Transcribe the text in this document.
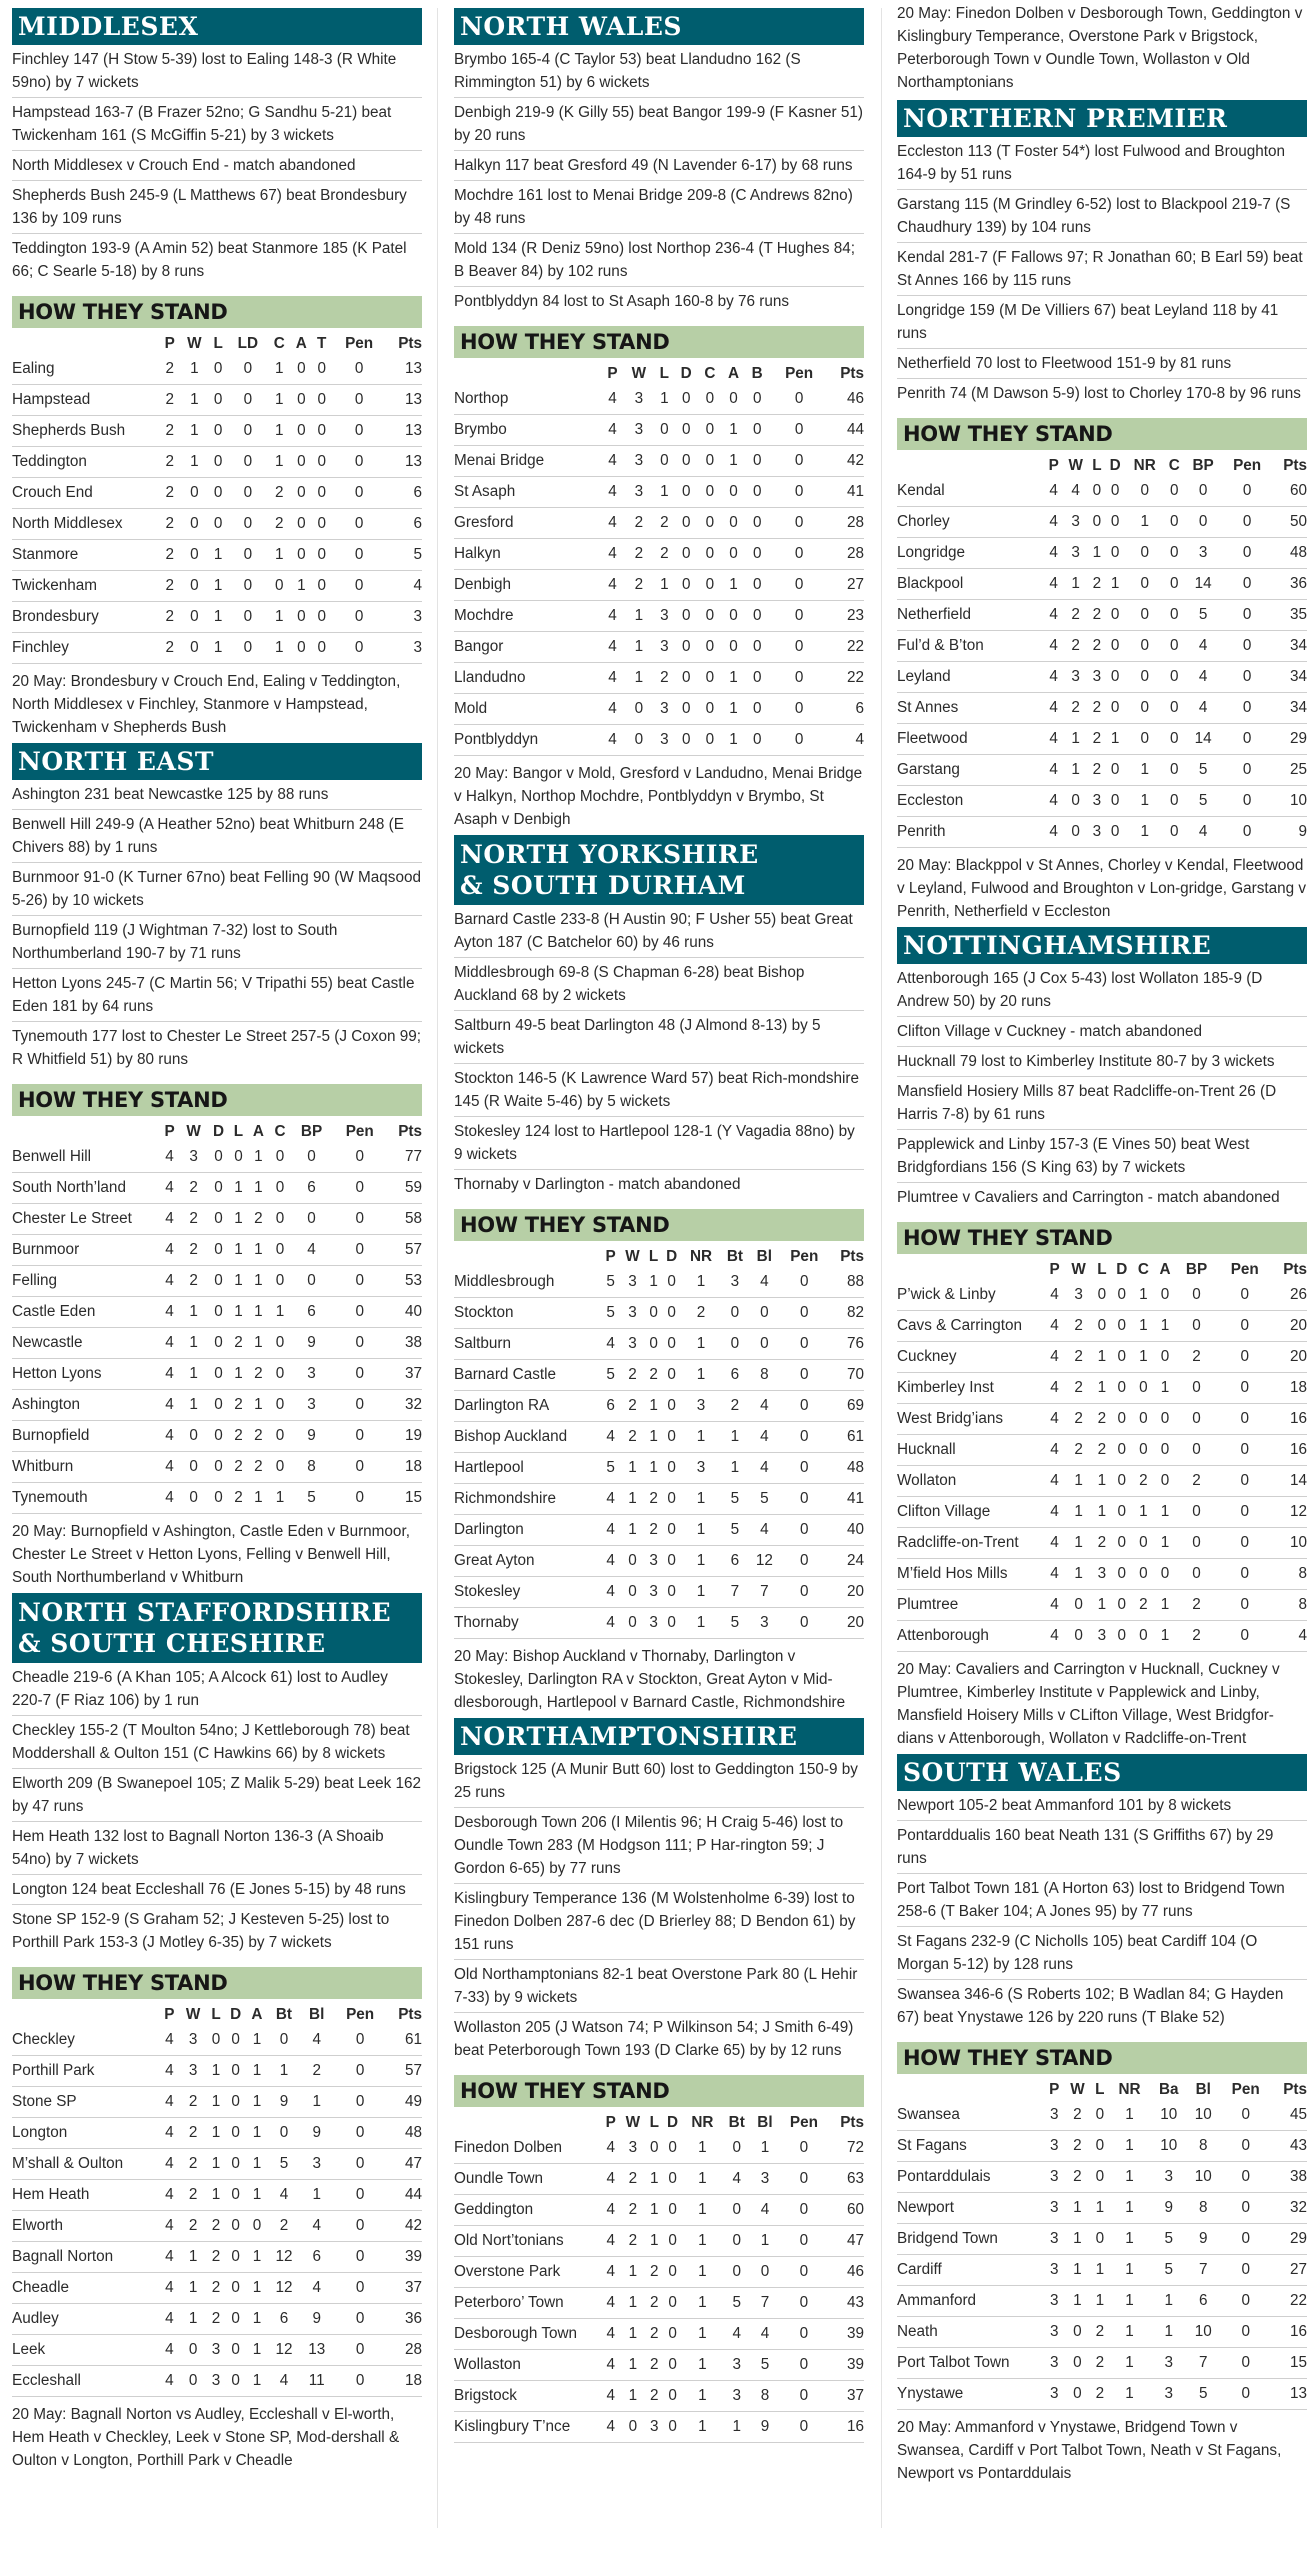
MIDDLESEX
Finchley 147 (H Stow 5-39) lost to Ealing 148-3 (R White 59no) by 7 wickets
Hampstead 163-7 (B Frazer 52no; G Sandhu 5-21) beat Twickenham 161 (S McGiffin 5-21) by 3 wickets
North Middlesex v Crouch End - match abandoned
Shepherds Bush 245-9 (L Matthews 67) beat Brondesbury 136 by 109 runs
Teddington 193-9 (A Amin 52) beat Stanmore 185 (K Patel 66; C Searle 5-18) by 8 runs
HOW THEY STAND
	P	W	L	LD	C	A	T	Pen	Pts
Ealing	2	1	0	0	1	0	0	0	13
Hampstead	2	1	0	0	1	0	0	0	13
Shepherds Bush	2	1	0	0	1	0	0	0	13
Teddington	2	1	0	0	1	0	0	0	13
Crouch End	2	0	0	0	2	0	0	0	6
North Middlesex	2	0	0	0	2	0	0	0	6
Stanmore	2	0	1	0	1	0	0	0	5
Twickenham	2	0	1	0	0	1	0	0	4
Brondesbury	2	0	1	0	1	0	0	0	3
Finchley	2	0	1	0	1	0	0	0	3

20 May: Brondesbury v Crouch End, Ealing v Teddington, North Middlesex v Finchley, Stanmore v Hampstead, Twickenham v Shepherds Bush

NORTH EAST
Ashington 231 beat Newcastke 125 by 88 runs
Benwell Hill 249-9 (A Heather 52no) beat Whitburn 248 (E Chivers 88) by 1 runs
Burnmoor 91-0 (K Turner 67no) beat Felling 90 (W Maqsood 5-26) by 10 wickets
Burnopfield 119 (J Wightman 7-32) lost to South Northumberland 190-7 by 71 runs
Hetton Lyons 245-7 (C Martin 56; V Tripathi 55) beat Castle Eden 181 by 64 runs
Tynemouth 177 lost to Chester Le Street 257-5 (J Coxon 99; R Whitfield 51) by 80 runs
HOW THEY STAND
	P	W	D	L	A	C	BP	Pen	Pts
Benwell Hill	4	3	0	0	1	0	0	0	77
South North’land	4	2	0	1	1	0	6	0	59
Chester Le Street	4	2	0	1	2	0	0	0	58
Burnmoor	4	2	0	1	1	0	4	0	57
Felling	4	2	0	1	1	0	0	0	53
Castle Eden	4	1	0	1	1	1	6	0	40
Newcastle	4	1	0	2	1	0	9	0	38
Hetton Lyons	4	1	0	1	2	0	3	0	37
Ashington	4	1	0	2	1	0	3	0	32
Burnopfield	4	0	0	2	2	0	9	0	19
Whitburn	4	0	0	2	2	0	8	0	18
Tynemouth	4	0	0	2	1	1	5	0	15

20 May: Burnopfield v Ashington, Castle Eden v Burnmoor, Chester Le Street v Hetton Lyons, Felling v Benwell Hill, South Northumberland v Whitburn

NORTH STAFFORDSHIRE
& SOUTH CHESHIRE
Cheadle 219-6 (A Khan 105; A Alcock 61) lost to Audley 220-7 (F Riaz 106) by 1 run
Checkley 155-2 (T Moulton 54no; J Kettleborough 78) beat Moddershall & Oulton 151 (C Hawkins 66) by 8 wickets
Elworth 209 (B Swanepoel 105; Z Malik 5-29) beat Leek 162 by 47 runs
Hem Heath 132 lost to Bagnall Norton 136-3 (A Shoaib 54no) by 7 wickets
Longton 124 beat Eccleshall 76 (E Jones 5-15) by 48 runs
Stone SP 152-9 (S Graham 52; J Kesteven 5-25) lost to Porthill Park 153-3 (J Motley 6-35) by 7 wickets
HOW THEY STAND
	P	W	L	D	A	Bt	Bl	Pen	Pts
Checkley	4	3	0	0	1	0	4	0	61
Porthill Park	4	3	1	0	1	1	2	0	57
Stone SP	4	2	1	0	1	9	1	0	49
Longton	4	2	1	0	1	0	9	0	48
M’shall & Oulton	4	2	1	0	1	5	3	0	47
Hem Heath	4	2	1	0	1	4	1	0	44
Elworth	4	2	2	0	0	2	4	0	42
Bagnall Norton	4	1	2	0	1	12	6	0	39
Cheadle	4	1	2	0	1	12	4	0	37
Audley	4	1	2	0	1	6	9	0	36
Leek	4	0	3	0	1	12	13	0	28
Eccleshall	4	0	3	0	1	4	11	0	18

20 May: Bagnall Norton vs Audley, Eccleshall v El-worth, Hem Heath v Checkley, Leek v Stone SP, Mod-dershall & Oulton v Longton, Porthill Park v Cheadle

NORTH WALES
Brymbo 165-4 (C Taylor 53) beat Llandudno 162 (S Rimmington 51) by 6 wickets
Denbigh 219-9 (K Gilly 55) beat Bangor 199-9 (F Kasner 51) by 20 runs
Halkyn 117 beat Gresford 49 (N Lavender 6-17) by 68 runs
Mochdre 161 lost to Menai Bridge 209-8 (C Andrews 82no) by 48 runs
Mold 134 (R Deniz 59no) lost Northop 236-4 (T Hughes 84; B Beaver 84) by 102 runs
Pontblyddyn 84 lost to St Asaph 160-8 by 76 runs
HOW THEY STAND
	P	W	L	D	C	A	B	Pen	Pts
Northop	4	3	1	0	0	0	0	0	46
Brymbo	4	3	0	0	0	1	0	0	44
Menai Bridge	4	3	0	0	0	1	0	0	42
St Asaph	4	3	1	0	0	0	0	0	41
Gresford	4	2	2	0	0	0	0	0	28
Halkyn	4	2	2	0	0	0	0	0	28
Denbigh	4	2	1	0	0	1	0	0	27
Mochdre	4	1	3	0	0	0	0	0	23
Bangor	4	1	3	0	0	0	0	0	22
Llandudno	4	1	2	0	0	1	0	0	22
Mold	4	0	3	0	0	1	0	0	6
Pontblyddyn	4	0	3	0	0	1	0	0	4

20 May: Bangor v Mold, Gresford v Landudno, Menai Bridge v Halkyn, Northop Mochdre, Pontblyddyn v Brymbo, St Asaph v Denbigh

NORTH YORKSHIRE
& SOUTH DURHAM
Barnard Castle 233-8 (H Austin 90; F Usher 55) beat Great Ayton 187 (C Batchelor 60) by 46 runs
Middlesbrough 69-8 (S Chapman 6-28) beat Bishop Auckland 68 by 2 wickets
Saltburn 49-5 beat Darlington 48 (J Almond 8-13) by 5 wickets
Stockton 146-5 (K Lawrence Ward 57) beat Rich-mondshire 145 (R Waite 5-46) by 5 wickets
Stokesley 124 lost to Hartlepool 128-1 (Y Vagadia 88no) by 9 wickets
Thornaby v Darlington - match abandoned
HOW THEY STAND
	P	W	L	D	NR	Bt	Bl	Pen	Pts
Middlesbrough	5	3	1	0	1	3	4	0	88
Stockton	5	3	0	0	2	0	0	0	82
Saltburn	4	3	0	0	1	0	0	0	76
Barnard Castle	5	2	2	0	1	6	8	0	70
Darlington RA	6	2	1	0	3	2	4	0	69
Bishop Auckland	4	2	1	0	1	1	4	0	61
Hartlepool	5	1	1	0	3	1	4	0	48
Richmondshire	4	1	2	0	1	5	5	0	41
Darlington	4	1	2	0	1	5	4	0	40
Great Ayton	4	0	3	0	1	6	12	0	24
Stokesley	4	0	3	0	1	7	7	0	20
Thornaby	4	0	3	0	1	5	3	0	20

20 May: Bishop Auckland v Thornaby, Darlington v Stokesley, Darlington RA v Stockton, Great Ayton v Mid-dlesborough, Hartlepool v Barnard Castle, Richmondshire

NORTHAMPTONSHIRE
Brigstock 125 (A Munir Butt 60) lost to Geddington 150-9 by 25 runs
Desborough Town 206 (I Milentis 96; H Craig 5-46) lost to Oundle Town 283 (M Hodgson 111; P Har-rington 59; J Gordon 6-65) by 77 runs
Kislingbury Temperance 136 (M Wolstenholme 6-39) lost to Finedon Dolben 287-6 dec (D Brierley 88; D Bendon 61) by 151 runs
Old Northamptonians 82-1 beat Overstone Park 80 (L Hehir 7-33) by 9 wickets
Wollaston 205 (J Watson 74; P Wilkinson 54; J Smith 6-49) beat Peterborough Town 193 (D Clarke 65) by by 12 runs
HOW THEY STAND
	P	W	L	D	NR	Bt	Bl	Pen	Pts
Finedon Dolben	4	3	0	0	1	0	1	0	72
Oundle Town	4	2	1	0	1	4	3	0	63
Geddington	4	2	1	0	1	0	4	0	60
Old Nort’tonians	4	2	1	0	1	0	1	0	47
Overstone Park	4	1	2	0	1	0	0	0	46
Peterboro’ Town	4	1	2	0	1	5	7	0	43
Desborough Town	4	1	2	0	1	4	4	0	39
Wollaston	4	1	2	0	1	3	5	0	39
Brigstock	4	1	2	0	1	3	8	0	37
Kislingbury T’nce	4	0	3	0	1	1	9	0	16

20 May: Finedon Dolben v Desborough Town, Geddington v Kislingbury Temperance, Overstone Park v Brigstock, Peterborough Town v Oundle Town, Wollaston v Old Northamptonians

NORTHERN PREMIER
Eccleston 113 (T Foster 54*) lost Fulwood and Broughton 164-9 by 51 runs
Garstang 115 (M Grindley 6-52) lost to Blackpool 219-7 (S Chaudhury 139) by 104 runs
Kendal 281-7 (F Fallows 97; R Jonathan 60; B Earl 59) beat St Annes 166 by 115 runs
Longridge 159 (M De Villiers 67) beat Leyland 118 by 41 runs
Netherfield 70 lost to Fleetwood 151-9 by 81 runs
Penrith 74 (M Dawson 5-9) lost to Chorley 170-8 by 96 runs
HOW THEY STAND
	P	W	L	D	NR	C	BP	Pen	Pts
Kendal	4	4	0	0	0	0	0	0	60
Chorley	4	3	0	0	1	0	0	0	50
Longridge	4	3	1	0	0	0	3	0	48
Blackpool	4	1	2	1	0	0	14	0	36
Netherfield	4	2	2	0	0	0	5	0	35
Ful’d & B’ton	4	2	2	0	0	0	4	0	34
Leyland	4	3	3	0	0	0	4	0	34
St Annes	4	2	2	0	0	0	4	0	34
Fleetwood	4	1	2	1	0	0	14	0	29
Garstang	4	1	2	0	1	0	5	0	25
Eccleston	4	0	3	0	1	0	5	0	10
Penrith	4	0	3	0	1	0	4	0	9

20 May: Blackppol v St Annes, Chorley v Kendal, Fleetwood v Leyland, Fulwood and Broughton v Lon-gridge, Garstang v Penrith, Netherfield v Eccleston

NOTTINGHAMSHIRE
Attenborough 165 (J Cox 5-43) lost Wollaton 185-9 (D Andrew 50) by 20 runs
Clifton Village v Cuckney - match abandoned
Hucknall 79 lost to Kimberley Institute 80-7 by 3 wickets
Mansfield Hosiery Mills 87 beat Radcliffe-on-Trent 26 (D Harris 7-8) by 61 runs
Papplewick and Linby 157-3 (E Vines 50) beat West Bridgfordians 156 (S King 63) by 7 wickets
Plumtree v Cavaliers and Carrington - match abandoned
HOW THEY STAND
	P	W	L	D	C	A	BP	Pen	Pts
P’wick & Linby	4	3	0	0	1	0	0	0	26
Cavs & Carrington	4	2	0	0	1	1	0	0	20
Cuckney	4	2	1	0	1	0	2	0	20
Kimberley Inst	4	2	1	0	0	1	0	0	18
West Bridg’ians	4	2	2	0	0	0	0	0	16
Hucknall	4	2	2	0	0	0	0	0	16
Wollaton	4	1	1	0	2	0	2	0	14
Clifton Village	4	1	1	0	1	1	0	0	12
Radcliffe-on-Trent	4	1	2	0	0	1	0	0	10
M’field Hos Mills	4	1	3	0	0	0	0	0	8
Plumtree	4	0	1	0	2	1	2	0	8
Attenborough	4	0	3	0	0	1	2	0	4

20 May: Cavaliers and Carrington v Hucknall, Cuckney v Plumtree, Kimberley Institute v Papplewick and Linby, Mansfield Hoisery Mills v CLifton Village, West Bridgfor-dians v Attenborough, Wollaton v Radcliffe-on-Trent

SOUTH WALES
Newport 105-2 beat Ammanford 101 by 8 wickets
Pontarddualis 160 beat Neath 131 (S Griffiths 67) by 29 runs
Port Talbot Town 181 (A Horton 63) lost to Bridgend Town 258-6 (T Baker 104; A Jones 95) by 77 runs
St Fagans 232-9 (C Nicholls 105) beat Cardiff 104 (O Morgan 5-12) by 128 runs
Swansea 346-6 (S Roberts 102; B Wadlan 84; G Hayden 67) beat Ynystawe 126 by 220 runs (T Blake 52)
HOW THEY STAND
	P	W	L	NR	Ba	Bl	Pen	Pts
Swansea	3	2	0	1	10	10	0	45
St Fagans	3	2	0	1	10	8	0	43
Pontarddulais	3	2	0	1	3	10	0	38
Newport	3	1	1	1	9	8	0	32
Bridgend Town	3	1	0	1	5	9	0	29
Cardiff	3	1	1	1	5	7	0	27
Ammanford	3	1	1	1	1	6	0	22
Neath	3	0	2	1	1	10	0	16
Port Talbot Town	3	0	2	1	3	7	0	15
Ynystawe	3	0	2	1	3	5	0	13

20 May: Ammanford v Ynystawe, Bridgend Town v Swansea, Cardiff v Port Talbot Town, Neath v St Fagans, Newport vs Pontarddulais
